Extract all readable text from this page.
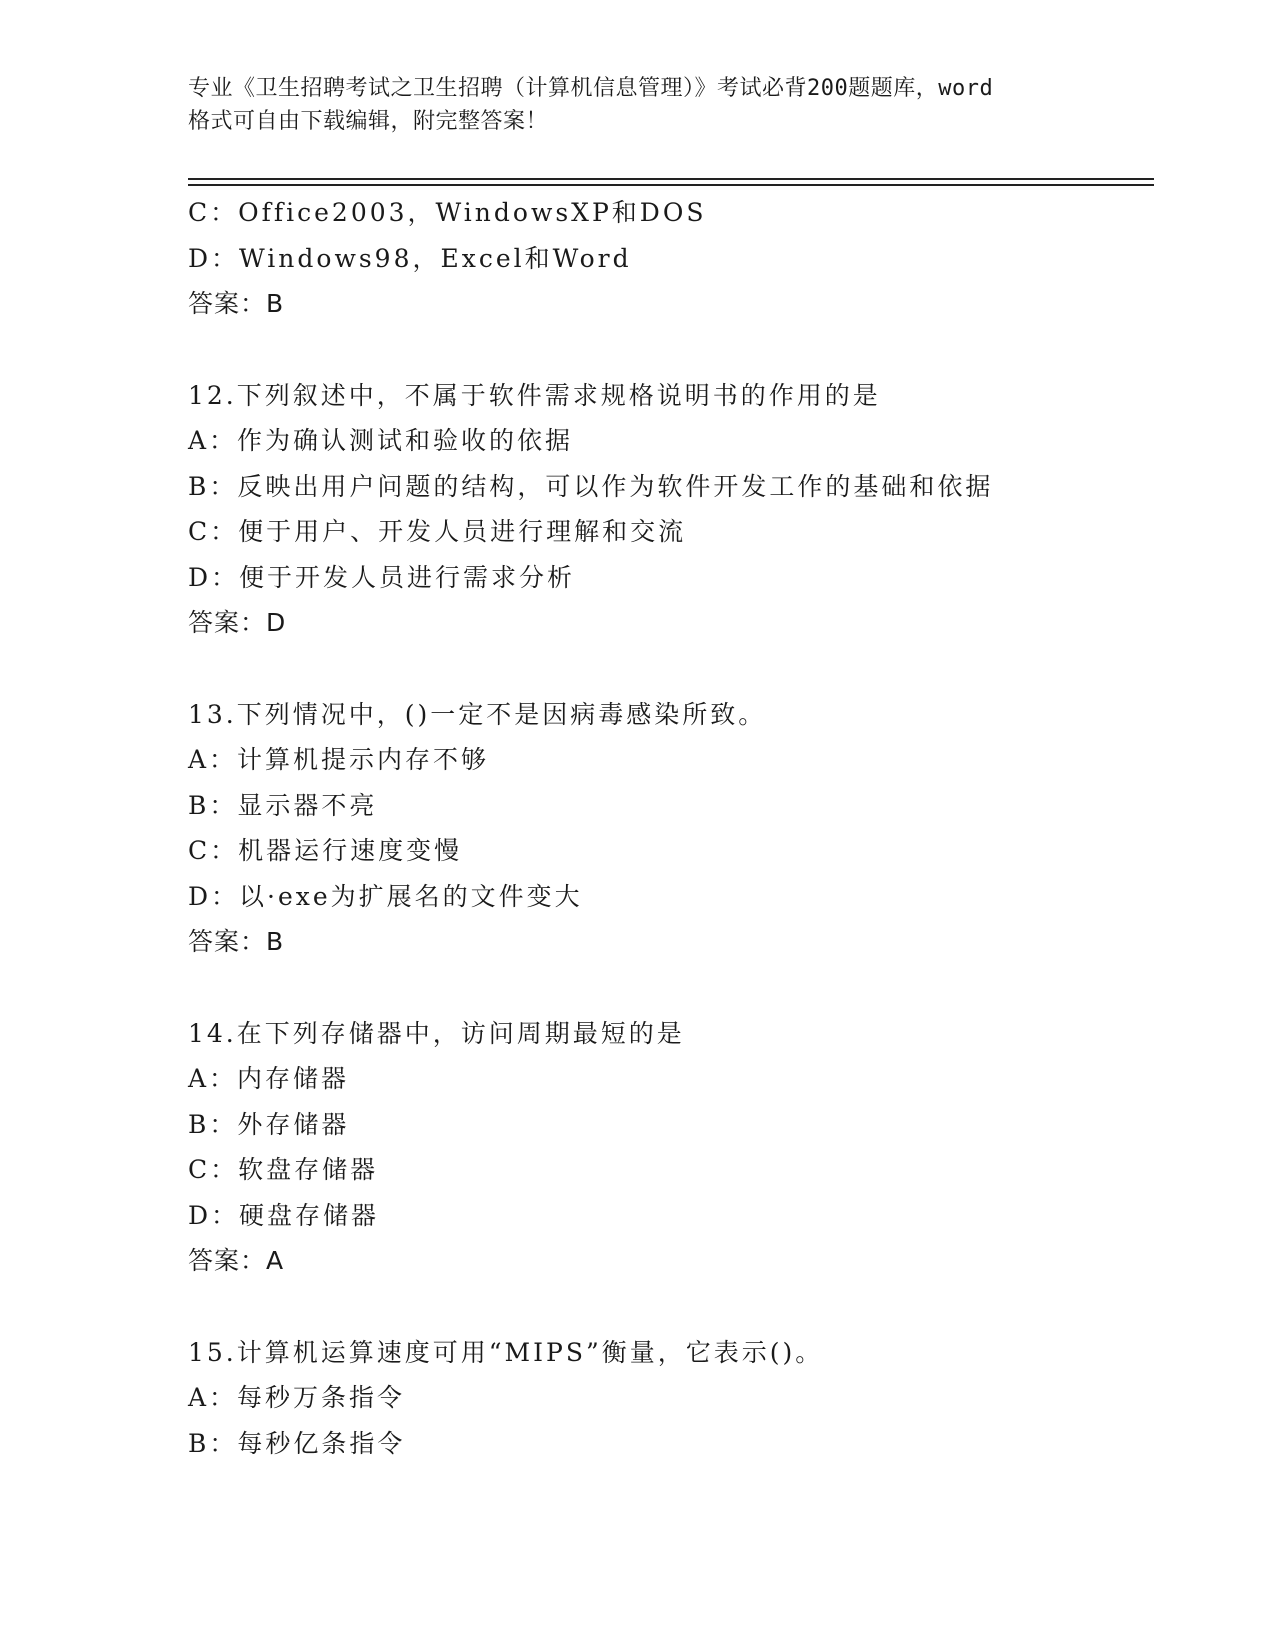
专业《卫生招聘考试之卫生招聘（计算机信息管理）》考试必背200题题库，word
格式可自由下载编辑，附完整答案！
C：Office2003，WindowsXP和DOS
D：Windows98，Excel和Word
答案：B
12.下列叙述中，不属于软件需求规格说明书的作用的是
A：作为确认测试和验收的依据
B：反映出用户问题的结构，可以作为软件开发工作的基础和依据
C：便于用户、开发人员进行理解和交流
D：便于开发人员进行需求分析
答案：D
13.下列情况中，()一定不是因病毒感染所致。
A：计算机提示内存不够
B：显示器不亮
C：机器运行速度变慢
D：以·exe为扩展名的文件变大
答案：B
14.在下列存储器中，访问周期最短的是
A：内存储器
B：外存储器
C：软盘存储器
D：硬盘存储器
答案：A
15.计算机运算速度可用“MIPS”衡量，它表示()。
A：每秒万条指令
B：每秒亿条指令
